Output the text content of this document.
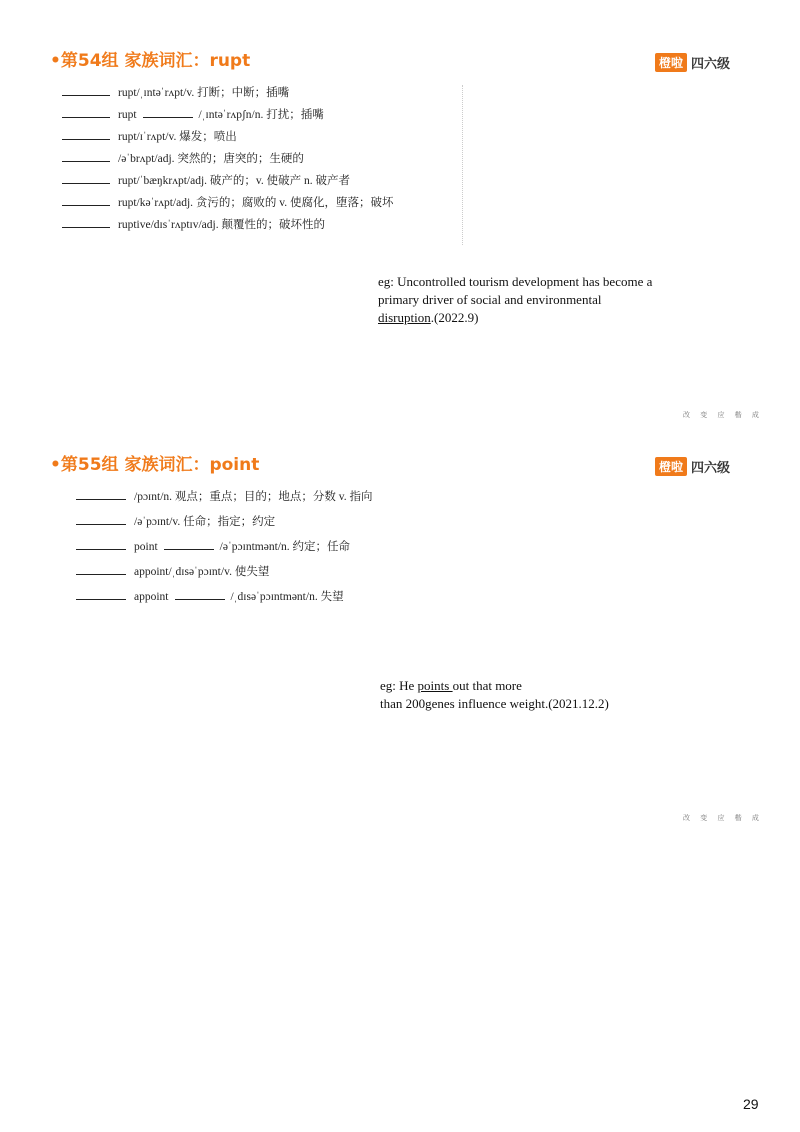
•第54组 家族词汇：rupt	橙啦 四六级
rupt/ˌɪntəˈrʌpt/v. 打断；中断；插嘴
rupt	/ˌɪntəˈrʌpʃn/n. 打扰；插嘴
rupt/ɪˈrʌpt/v. 爆发；喷出
/əˈbrʌpt/adj. 突然的；唐突的；生硬的
rupt/ˈbæŋkrʌpt/adj. 破产的；v. 使破产 n. 破产者
rupt/kəˈrʌpt/adj. 贪污的；腐败的 v. 使腐化，堕落；破坏
ruptive/dɪsˈrʌptɪv/adj. 颠覆性的；破坏性的
eg: Uncontrolled tourism development has become a
primary driver of social and environmental
disruption.(2022.9)
改 变 应 楷 成
•第55组 家族词汇：point	橙啦 四六级
/pɔɪnt/n. 观点；重点；目的；地点；分数 v. 指向
/əˈpɔɪnt/v. 任命；指定；约定
point	/əˈpɔɪntmənt/n. 约定；任命
appoint/ˌdɪsəˈpɔɪnt/v. 使失望
appoint	/ˌdɪsəˈpɔɪntmənt/n. 失望
eg: He points out that more
than 200genes influence weight.(2021.12.2)
改 变 应 楷 成
29
